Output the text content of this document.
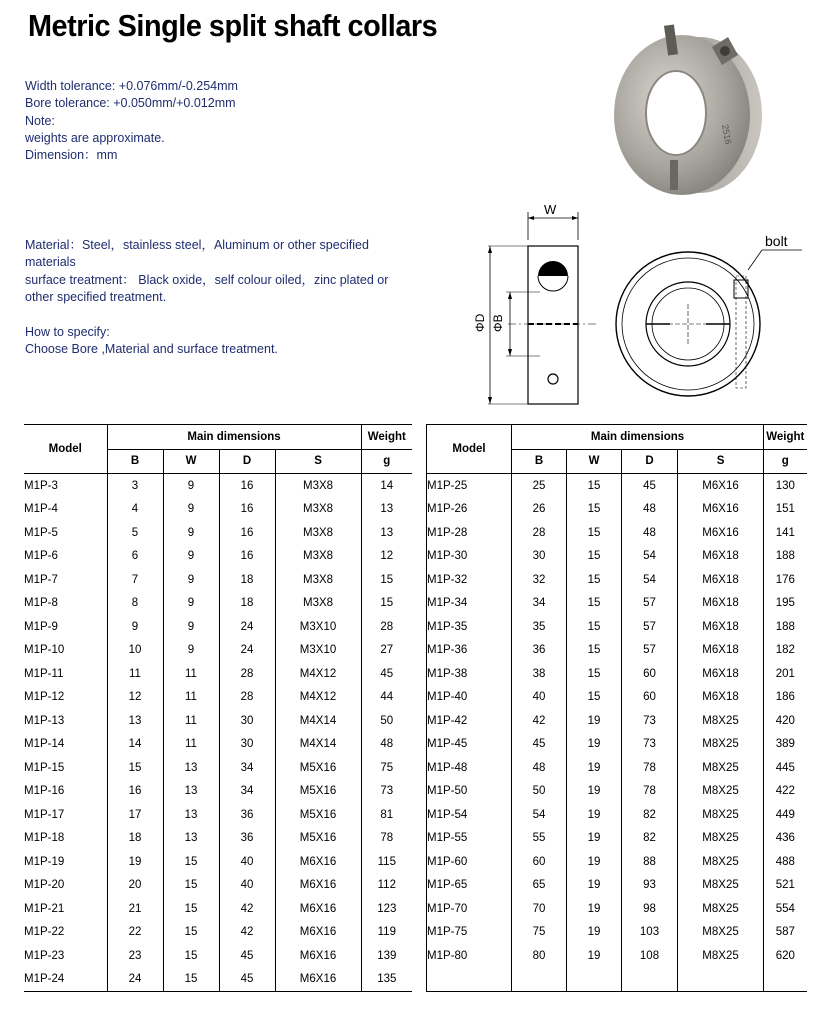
Metric Single split shaft collars
Width tolerance: +0.076mm/-0.254mm
Bore tolerance: +0.050mm/+0.012mm
Note:
weights are approximate.
Dimension：mm
Material：Steel，stainless steel，Aluminum or other specified
materials
surface treatment： Black oxide，self colour oiled，zinc plated or
other specified treatment.
How to specify:
Choose Bore ,Material and surface treatment.
2516
W
ΦD ΦB
bolt
Model	Main dimensions				Weight
	B	W	D	S	g
M1P-3	3	9	16	M3X8	14
M1P-4	4	9	16	M3X8	13
M1P-5	5	9	16	M3X8	13
M1P-6	6	9	16	M3X8	12
M1P-7	7	9	18	M3X8	15
M1P-8	8	9	18	M3X8	15
M1P-9	9	9	24	M3X10	28
M1P-10	10	9	24	M3X10	27
M1P-11	11	11	28	M4X12	45
M1P-12	12	11	28	M4X12	44
M1P-13	13	11	30	M4X14	50
M1P-14	14	11	30	M4X14	48
M1P-15	15	13	34	M5X16	75
M1P-16	16	13	34	M5X16	73
M1P-17	17	13	36	M5X16	81
M1P-18	18	13	36	M5X16	78
M1P-19	19	15	40	M6X16	115
M1P-20	20	15	40	M6X16	112
M1P-21	21	15	42	M6X16	123
M1P-22	22	15	42	M6X16	119
M1P-23	23	15	45	M6X16	139
M1P-24	24	15	45	M6X16	135
Model	Main dimensions				Weight
	B	W	D	S	g
M1P-25	25	15	45	M6X16	130
M1P-26	26	15	48	M6X16	151
M1P-28	28	15	48	M6X16	141
M1P-30	30	15	54	M6X18	188
M1P-32	32	15	54	M6X18	176
M1P-34	34	15	57	M6X18	195
M1P-35	35	15	57	M6X18	188
M1P-36	36	15	57	M6X18	182
M1P-38	38	15	60	M6X18	201
M1P-40	40	15	60	M6X18	186
M1P-42	42	19	73	M8X25	420
M1P-45	45	19	73	M8X25	389
M1P-48	48	19	78	M8X25	445
M1P-50	50	19	78	M8X25	422
M1P-54	54	19	82	M8X25	449
M1P-55	55	19	82	M8X25	436
M1P-60	60	19	88	M8X25	488
M1P-65	65	19	93	M8X25	521
M1P-70	70	19	98	M8X25	554
M1P-75	75	19	103	M8X25	587
M1P-80	80	19	108	M8X25	620
